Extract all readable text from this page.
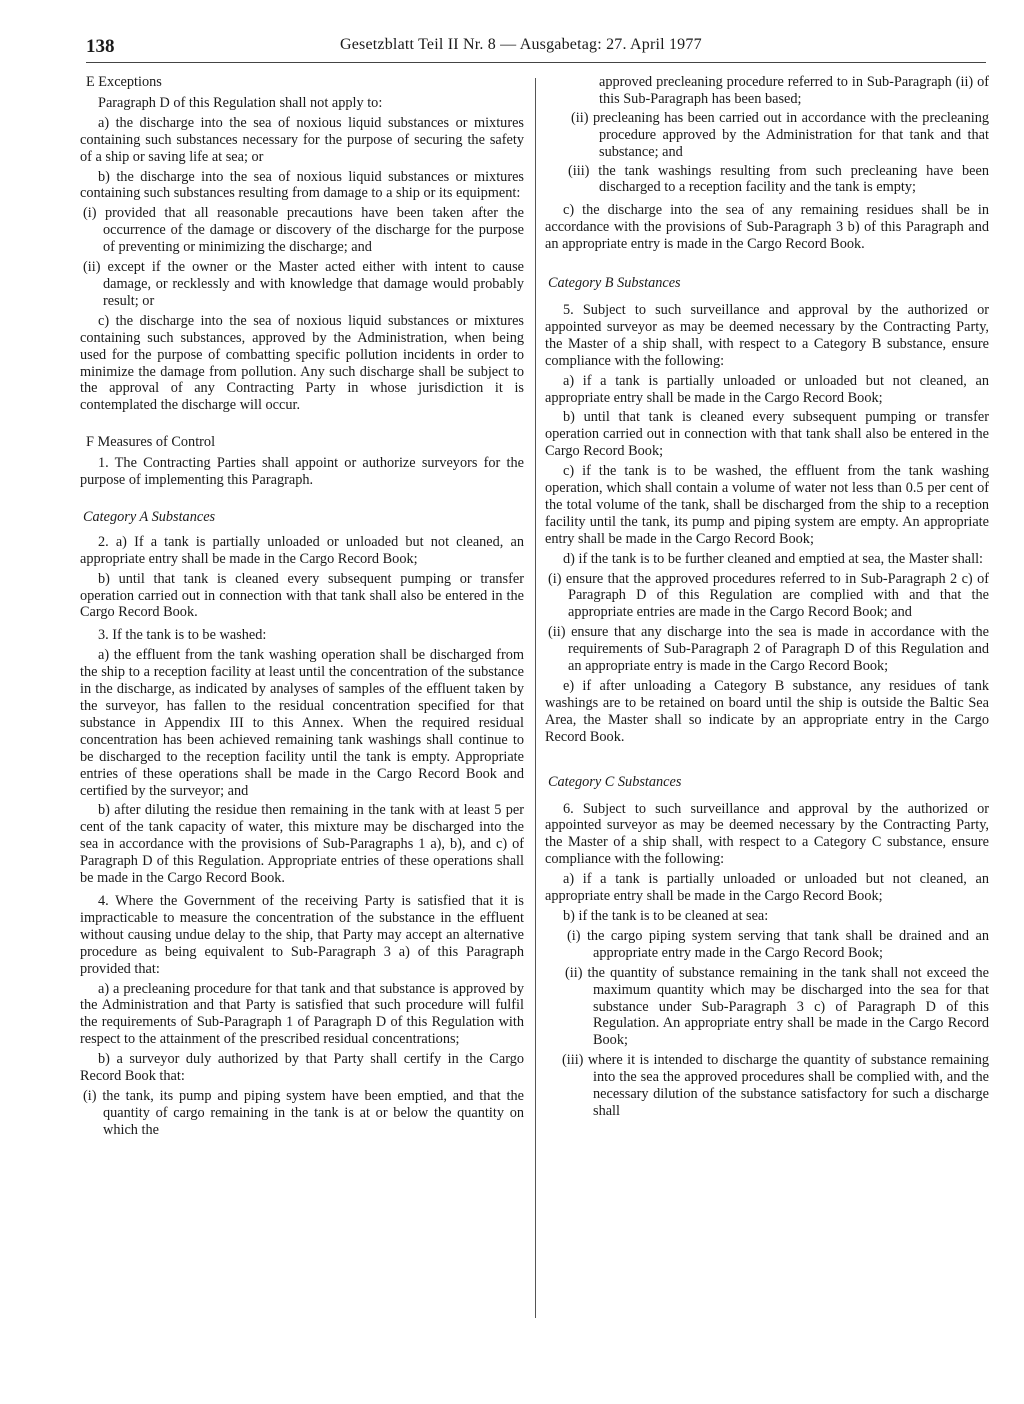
138	Gesetzblatt Teil II Nr. 8 — Ausgabetag: 27. April 1977

E Exceptions

Paragraph D of this Regulation shall not apply to:

a) the discharge into the sea of noxious liquid substances or mixtures containing such substances necessary for the purpose of securing the safety of a ship or saving life at sea; or

b) the discharge into the sea of noxious liquid substances or mixtures containing such substances resulting from damage to a ship or its equipment:

(i) provided that all reasonable precautions have been taken after the occurrence of the damage or discovery of the discharge for the purpose of preventing or minimizing the discharge; and

(ii) except if the owner or the Master acted either with intent to cause damage, or recklessly and with knowledge that damage would probably result; or

c) the discharge into the sea of noxious liquid substances or mixtures containing such substances, approved by the Administration, when being used for the purpose of combatting specific pollution incidents in order to minimize the damage from pollution. Any such discharge shall be subject to the approval of any Contracting Party in whose jurisdiction it is contemplated the discharge will occur.

F Measures of Control

1. The Contracting Parties shall appoint or authorize surveyors for the purpose of implementing this Paragraph.

Category A Substances

2. a) If a tank is partially unloaded or unloaded but not cleaned, an appropriate entry shall be made in the Cargo Record Book;

b) until that tank is cleaned every subsequent pumping or transfer operation carried out in connection with that tank shall also be entered in the Cargo Record Book.

3. If the tank is to be washed:

a) the effluent from the tank washing operation shall be discharged from the ship to a reception facility at least until the concentration of the substance in the discharge, as indicated by analyses of samples of the effluent taken by the surveyor, has fallen to the residual concentration specified for that substance in Appendix III to this Annex. When the required residual concentration has been achieved remaining tank washings shall continue to be discharged to the reception facility until the tank is empty. Appropriate entries of these operations shall be made in the Cargo Record Book and certified by the surveyor; and

b) after diluting the residue then remaining in the tank with at least 5 per cent of the tank capacity of water, this mixture may be discharged into the sea in accordance with the provisions of Sub-Paragraphs 1 a), b), and c) of Paragraph D of this Regulation. Appropriate entries of these operations shall be made in the Cargo Record Book.

4. Where the Government of the receiving Party is satisfied that it is impracticable to measure the concentration of the substance in the effluent without causing undue delay to the ship, that Party may accept an alternative procedure as being equivalent to Sub-Paragraph 3 a) of this Paragraph provided that:

a) a precleaning procedure for that tank and that substance is approved by the Administration and that Party is satisfied that such procedure will fulfil the requirements of Sub-Paragraph 1 of Paragraph D of this Regulation with respect to the attainment of the prescribed residual concentrations;

b) a surveyor duly authorized by that Party shall certify in the Cargo Record Book that:

(i) the tank, its pump and piping system have been emptied, and that the quantity of cargo remaining in the tank is at or below the quantity on which the

approved precleaning procedure referred to in Sub-Paragraph (ii) of this Sub-Paragraph has been based;

(ii) precleaning has been carried out in accordance with the precleaning procedure approved by the Administration for that tank and that substance; and

(iii) the tank washings resulting from such precleaning have been discharged to a reception facility and the tank is empty;

c) the discharge into the sea of any remaining residues shall be in accordance with the provisions of Sub-Paragraph 3 b) of this Paragraph and an appropriate entry is made in the Cargo Record Book.

Category B Substances

5. Subject to such surveillance and approval by the authorized or appointed surveyor as may be deemed necessary by the Contracting Party, the Master of a ship shall, with respect to a Category B substance, ensure compliance with the following:

a) if a tank is partially unloaded or unloaded but not cleaned, an appropriate entry shall be made in the Cargo Record Book;

b) until that tank is cleaned every subsequent pumping or transfer operation carried out in connection with that tank shall also be entered in the Cargo Record Book;

c) if the tank is to be washed, the effluent from the tank washing operation, which shall contain a volume of water not less than 0.5 per cent of the total volume of the tank, shall be discharged from the ship to a reception facility until the tank, its pump and piping system are empty. An appropriate entry shall be made in the Cargo Record Book;

d) if the tank is to be further cleaned and emptied at sea, the Master shall:

(i) ensure that the approved procedures referred to in Sub-Paragraph 2 c) of Paragraph D of this Regulation are complied with and that the appropriate entries are made in the Cargo Record Book; and

(ii) ensure that any discharge into the sea is made in accordance with the requirements of Sub-Paragraph 2 of Paragraph D of this Regulation and an appropriate entry is made in the Cargo Record Book;

e) if after unloading a Category B substance, any residues of tank washings are to be retained on board until the ship is outside the Baltic Sea Area, the Master shall so indicate by an appropriate entry in the Cargo Record Book.

Category C Substances

6. Subject to such surveillance and approval by the authorized or appointed surveyor as may be deemed necessary by the Contracting Party, the Master of a ship shall, with respect to a Category C substance, ensure compliance with the following:

a) if a tank is partially unloaded or unloaded but not cleaned, an appropriate entry shall be made in the Cargo Record Book;

b) if the tank is to be cleaned at sea:

(i) the cargo piping system serving that tank shall be drained and an appropriate entry made in the Cargo Record Book;

(ii) the quantity of substance remaining in the tank shall not exceed the maximum quantity which may be discharged into the sea for that substance under Sub-Paragraph 3 c) of Paragraph D of this Regulation. An appropriate entry shall be made in the Cargo Record Book;

(iii) where it is intended to discharge the quantity of substance remaining into the sea the approved procedures shall be complied with, and the necessary dilution of the substance satisfactory for such a discharge shall
